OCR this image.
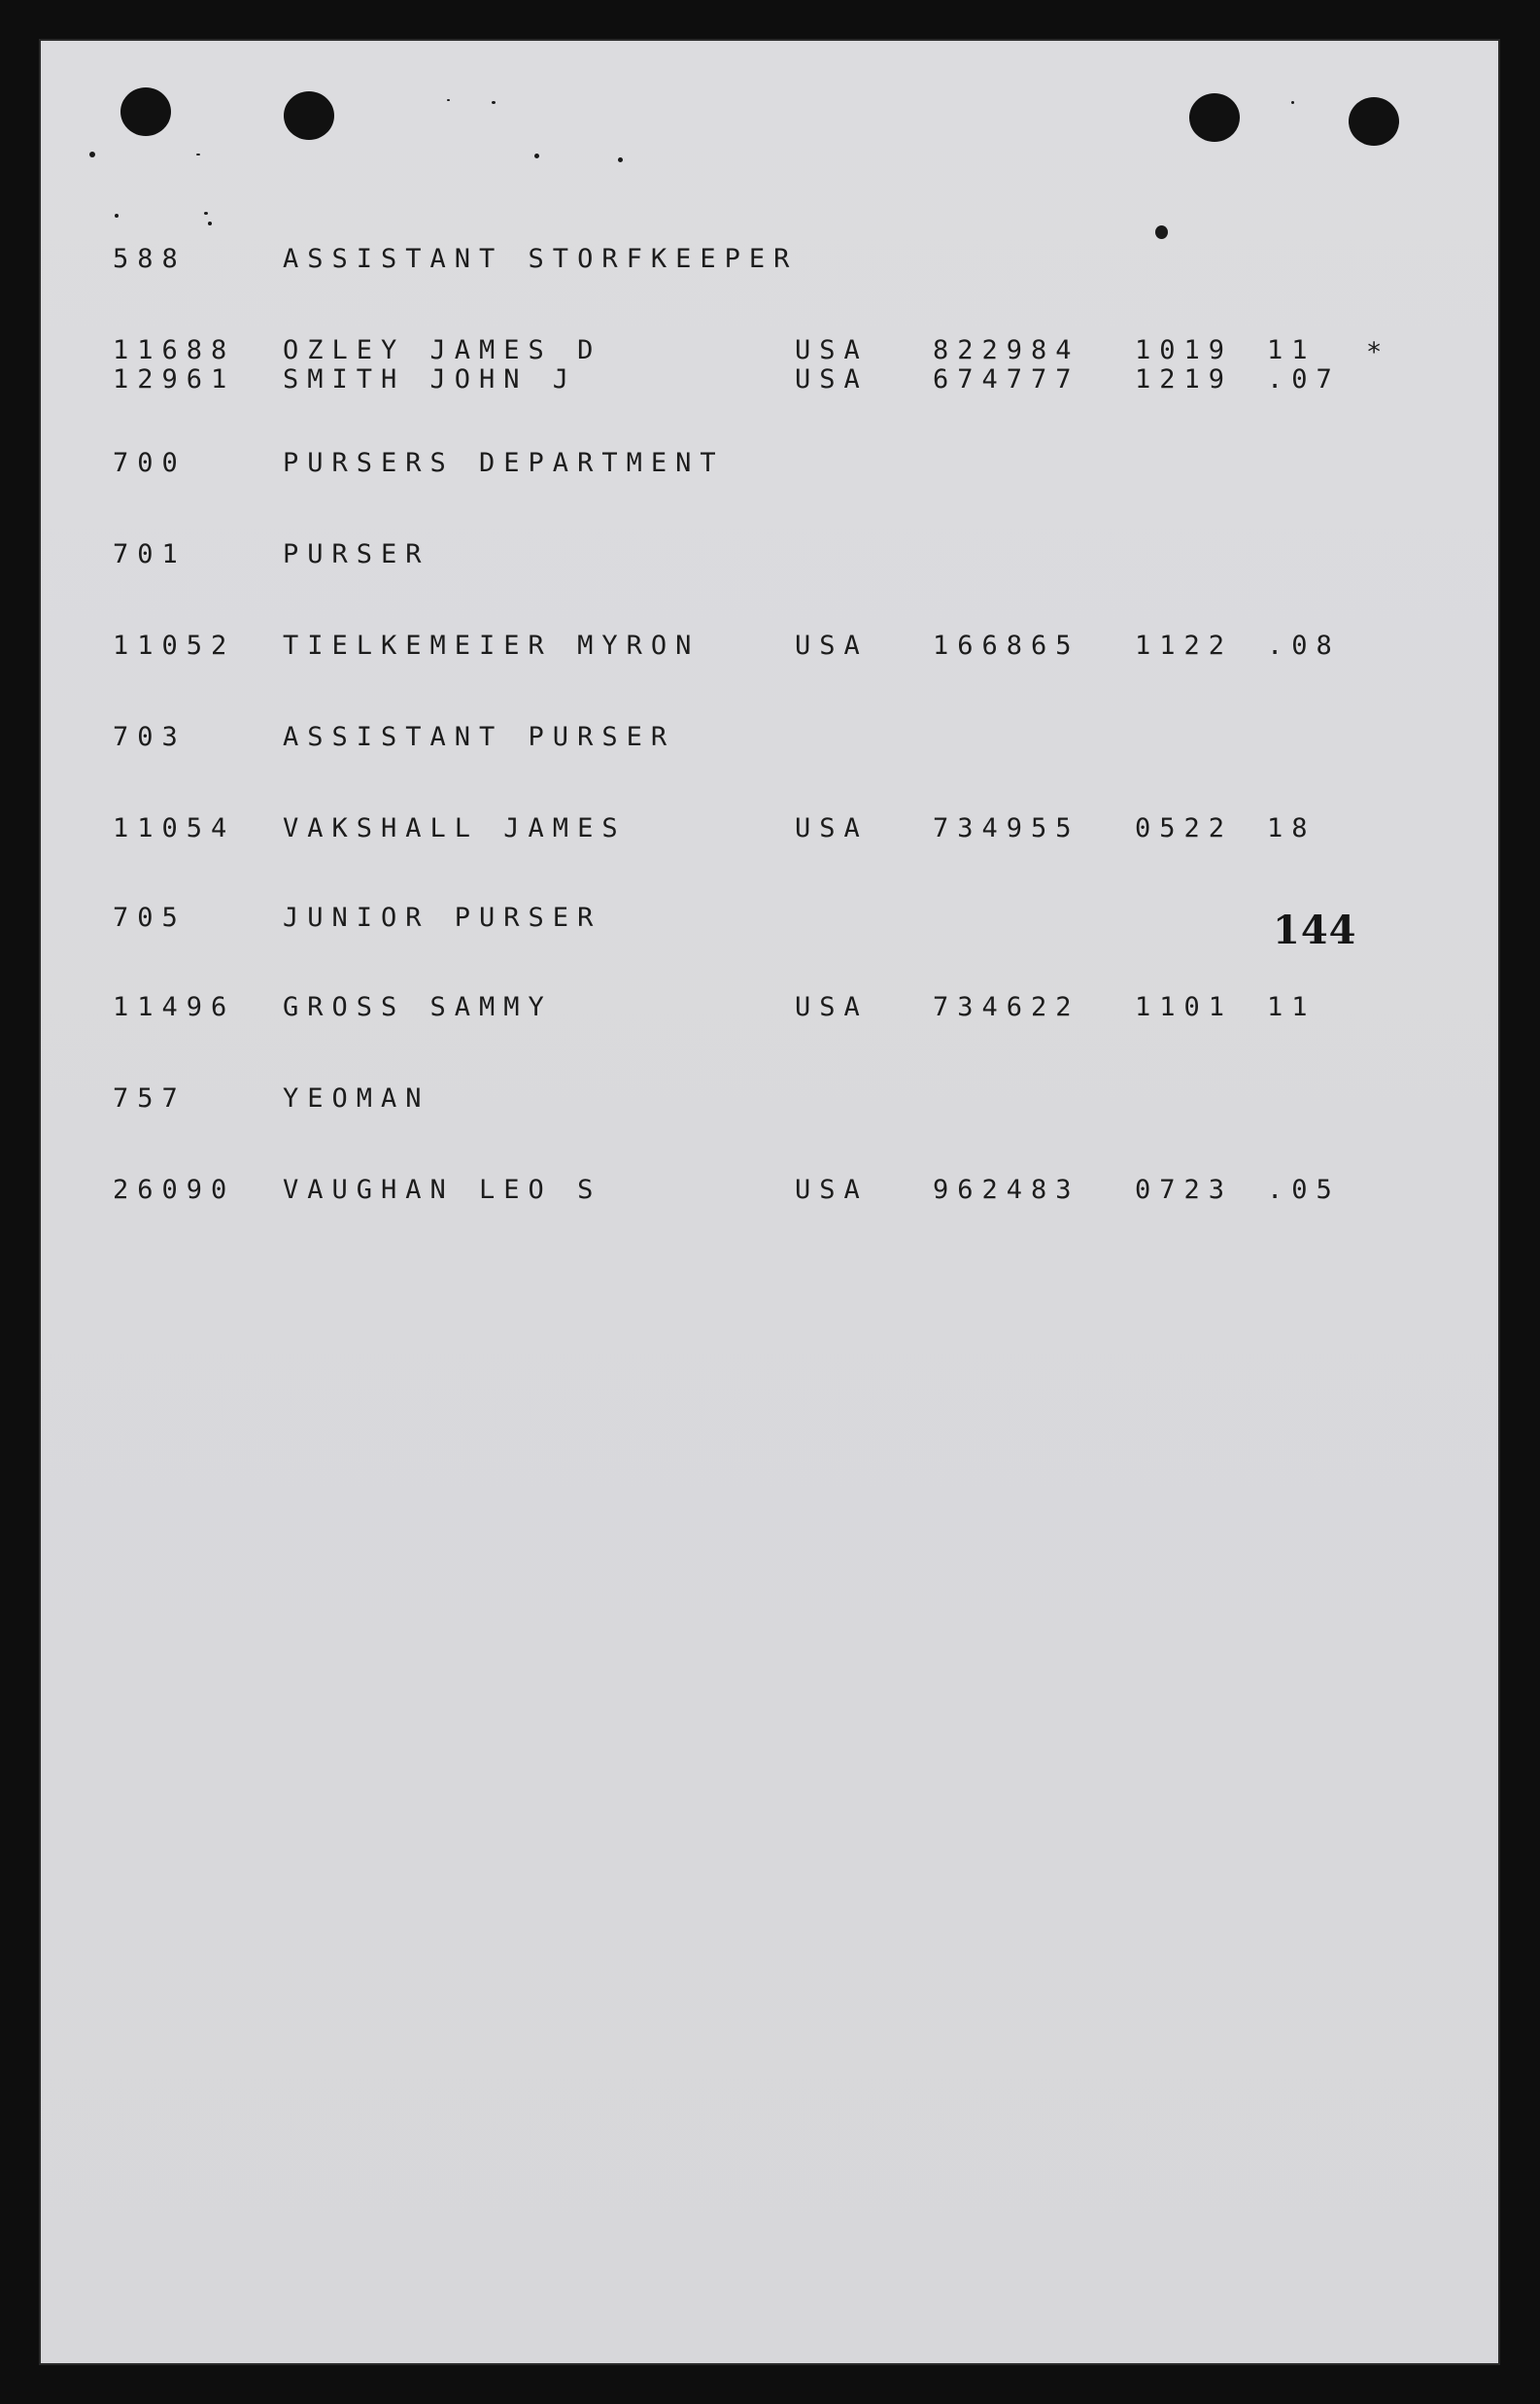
588	ASSISTANT STORFKEEPER
11688 OZLEY JAMES D	USA 822984 1019 11 *
12961 SMITH JOHN J	USA 674777 1219 .07
700	PURSERS DEPARTMENT
701	PURSER
11052 TIELKEMEIER MYRON	USA 166865 1122 .08
703	ASSISTANT PURSER
11054 VAKSHALL JAMES	USA 734955 0522 18
705	JUNIOR PURSER
11496 GROSS SAMMY	USA 734622 1101 11
757	YEOMAN
26090 VAUGHAN LEO S	USA 962483 0723 .05
144
